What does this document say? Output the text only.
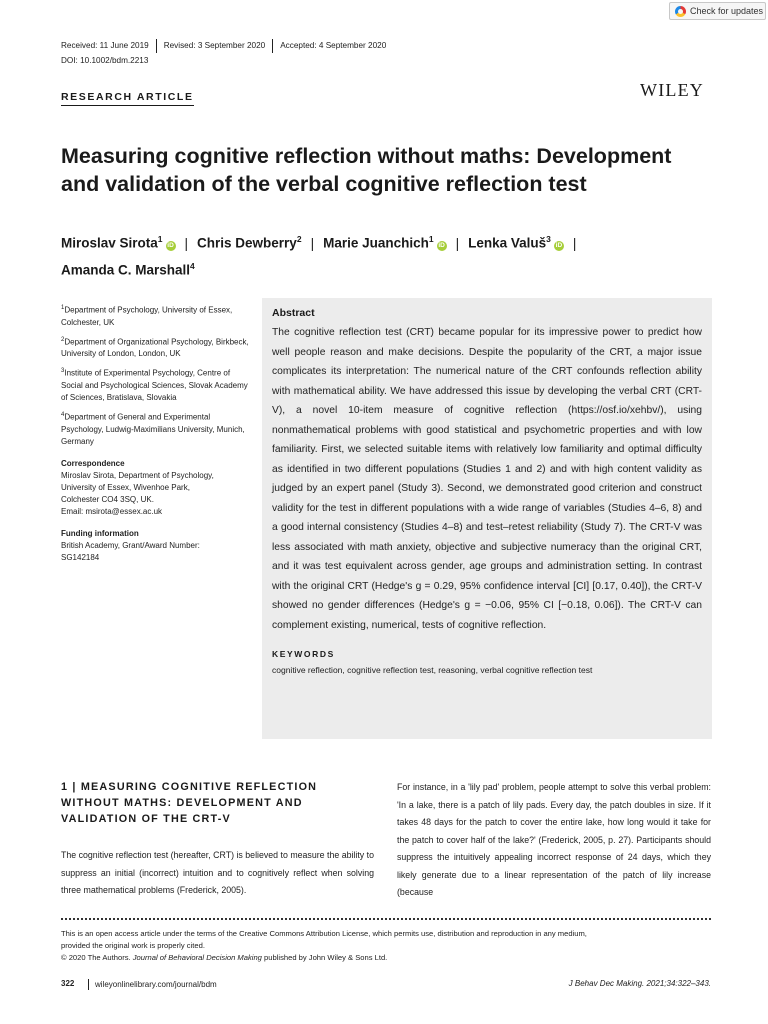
Check for updates
Received: 11 June 2019	Revised: 3 September 2020	Accepted: 4 September 2020
DOI: 10.1002/bdm.2213
RESEARCH ARTICLE	WILEY
Measuring cognitive reflection without maths: Development
and validation of the verbal cognitive reflection test
Miroslav Sirota$^1$iD | Chris Dewberry$^2$ | Marie Juanchich$^1$iD | Lenka Valuš$^3$iD |
Amanda C. Marshall$^4$
$^1$Department of Psychology, University of Essex, Colchester, UK
$^2$Department of Organizational Psychology, Birkbeck, University of London, London, UK
$^3$Institute of Experimental Psychology, Centre of Social and Psychological Sciences, Slovak Academy of Sciences, Bratislava, Slovakia
$^4$Department of General and Experimental Psychology, Ludwig-Maximilians University, Munich, Germany
Correspondence
Miroslav Sirota, Department of Psychology,
University of Essex, Wivenhoe Park,
Colchester CO4 3SQ, UK.
Email: msirota@essex.ac.uk
Funding information
British Academy, Grant/Award Number:
SG142184
Abstract
The cognitive reflection test (CRT) became popular for its impressive power to predict how well people reason and make decisions. Despite the popularity of the CRT, a major issue complicates its interpretation: The numerical nature of the CRT confounds reflection ability with mathematical ability. We have addressed this issue by developing the verbal CRT (CRT-V), a novel 10-item measure of cognitive reflection (https://osf.io/xehbv/), using nonmathematical problems with good statistical and psychometric properties and with low familiarity. First, we selected suitable items with relatively low familiarity and optimal difficulty as identified in two different populations (Studies 1 and 2) and with high content validity as judged by an expert panel (Study 3). Second, we demonstrated good criterion and construct validity for the test in different populations with a wide range of variables (Studies 4–6, 8) and a good internal consistency (Studies 4–8) and test–retest reliability (Study 7). The CRT-V was less associated with math anxiety, objective and subjective numeracy than the original CRT, and it was test equivalent across gender, age groups and administration setting. In contrast with the original CRT (Hedge's g = 0.29, 95% confidence interval [CI] [0.17, 0.40]), the CRT-V showed no gender differences (Hedge's g = −0.06, 95% CI [−0.18, 0.06]). The CRT-V can complement existing, numerical, tests of cognitive reflection.
KEYWORDS
cognitive reflection, cognitive reflection test, reasoning, verbal cognitive reflection test
1 | MEASURING COGNITIVE REFLECTION WITHOUT MATHS: DEVELOPMENT AND VALIDATION OF THE CRT-V
The cognitive reflection test (hereafter, CRT) is believed to measure the ability to suppress an initial (incorrect) intuition and to cognitively reflect when solving three mathematical problems (Frederick, 2005).
For instance, in a 'lily pad' problem, people attempt to solve this verbal problem: 'In a lake, there is a patch of lily pads. Every day, the patch doubles in size. If it takes 48 days for the patch to cover the entire lake, how long would it take for the patch to cover half of the lake?' (Frederick, 2005, p. 27). Participants should suppress the intuitively appealing incorrect response of 24 days, which they likely generate due to a linear representation of the patch of lily increase (because
This is an open access article under the terms of the Creative Commons Attribution License, which permits use, distribution and reproduction in any medium,
provided the original work is properly cited.
© 2020 The Authors. Journal of Behavioral Decision Making published by John Wiley & Sons Ltd.
322	wileyonlinelibrary.com/journal/bdm	J Behav Dec Making. 2021;34:322–343.
